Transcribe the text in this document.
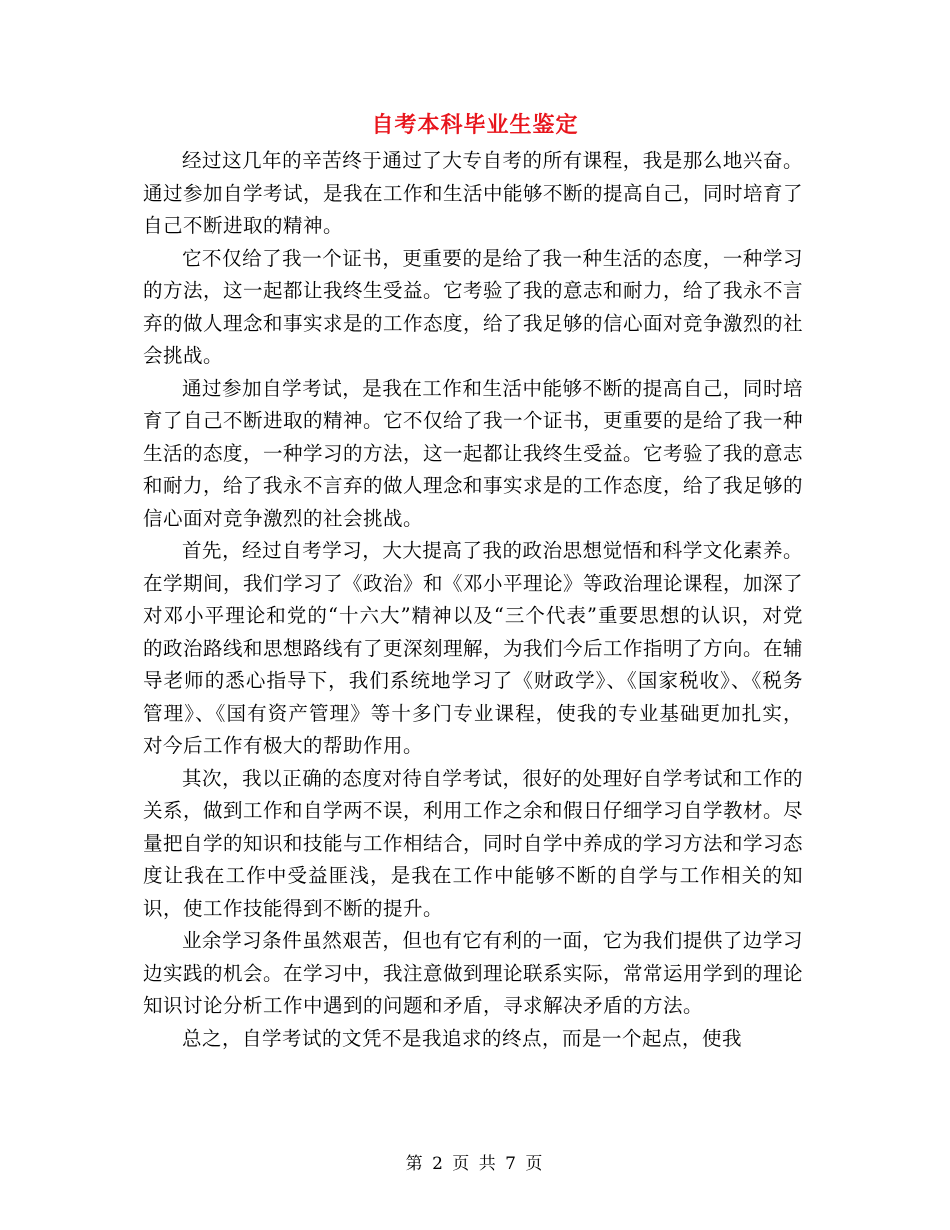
自考本科毕业生鉴定

经过这几年的辛苦终于通过了大专自考的所有课程，我是那么地兴奋。通过参加自学考试，是我在工作和生活中能够不断的提高自己，同时培育了自己不断进取的精神。

它不仅给了我一个证书，更重要的是给了我一种生活的态度，一种学习的方法，这一起都让我终生受益。它考验了我的意志和耐力，给了我永不言弃的做人理念和事实求是的工作态度，给了我足够的信心面对竞争激烈的社会挑战。

通过参加自学考试，是我在工作和生活中能够不断的提高自己，同时培育了自己不断进取的精神。它不仅给了我一个证书，更重要的是给了我一种生活的态度，一种学习的方法，这一起都让我终生受益。它考验了我的意志和耐力，给了我永不言弃的做人理念和事实求是的工作态度，给了我足够的信心面对竞争激烈的社会挑战。

首先，经过自考学习，大大提高了我的政治思想觉悟和科学文化素养。在学期间，我们学习了《政治》和《邓小平理论》等政治理论课程，加深了对邓小平理论和党的“十六大”精神以及“三个代表”重要思想的认识，对党的政治路线和思想路线有了更深刻理解，为我们今后工作指明了方向。在辅导老师的悉心指导下，我们系统地学习了《财政学》、《国家税收》、《税务管理》、《国有资产管理》等十多门专业课程，使我的专业基础更加扎实，对今后工作有极大的帮助作用。

其次，我以正确的态度对待自学考试，很好的处理好自学考试和工作的关系，做到工作和自学两不误，利用工作之余和假日仔细学习自学教材。尽量把自学的知识和技能与工作相结合，同时自学中养成的学习方法和学习态度让我在工作中受益匪浅，是我在工作中能够不断的自学与工作相关的知识，使工作技能得到不断的提升。

业余学习条件虽然艰苦，但也有它有利的一面，它为我们提供了边学习边实践的机会。在学习中，我注意做到理论联系实际，常常运用学到的理论知识讨论分析工作中遇到的问题和矛盾，寻求解决矛盾的方法。

总之，自学考试的文凭不是我追求的终点，而是一个起点，使我

第 2 页 共 7 页
